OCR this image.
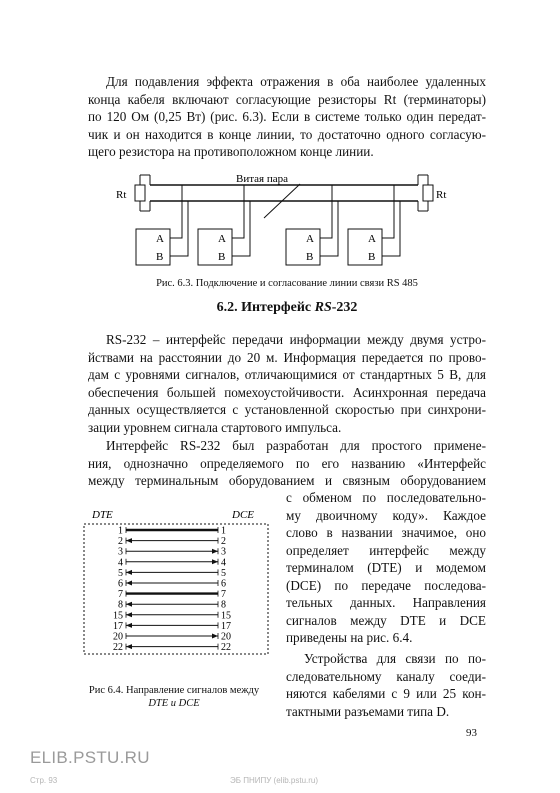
Для подавления эффекта отражения в оба наиболее удаленных
конца кабеля включают согласующие резисторы Rt (терминаторы)
по 120 Ом (0,25 Вт) (рис. 6.3). Если в системе только один передат-
чик и он находится в конце линии, то достаточно одного согласую-
щего резистора на противоположном конце линии.
Витая пара
Rt	Rt
A
B
A
B
A
B
A
B

Рис. 6.3. Подключение и согласование линии связи RS 485

6.2. Интерфейс RS-232
RS-232 – интерфейс передачи информации между двумя устро-
йствами на расстоянии до 20 м. Информация передается по прово-
дам с уровнями сигналов, отличающимися от стандартных 5 В, для
обеспечения большей помехоустойчивости. Асинхронная передача
данных осуществляется с установленной скоростью при синхрони-
зации уровнем сигнала стартового импульса.
Интерфейс RS-232 был разработан для простого примене-
ния, однозначно определяемого по его названию «Интерфейс
между терминальным оборудованием и связным оборудованием
с обменом по последовательно-
му двоичному коду». Каждое
слово в названии значимое, оно
определяет интерфейс между
терминалом (DTE) и модемом
(DCE) по передаче последова-
тельных данных. Направления
сигналов между DTE и DCE
приведены на рис. 6.4.
Устройства для связи по по-
следовательному каналу соеди-
няются кабелями с 9 или 25 кон-
тактными разъемами типа D.
DTE	DCE
1	1
2	2
3	3
4	4
5	5
6	6
7	7
8	8
15	15
17	17
20	20
22	22

Рис 6.4. Направление сигналов между
DTE и DCE

93
ELIB.PSTU.RU
Стр. 93	ЭБ ПНИПУ (elib.pstu.ru)
